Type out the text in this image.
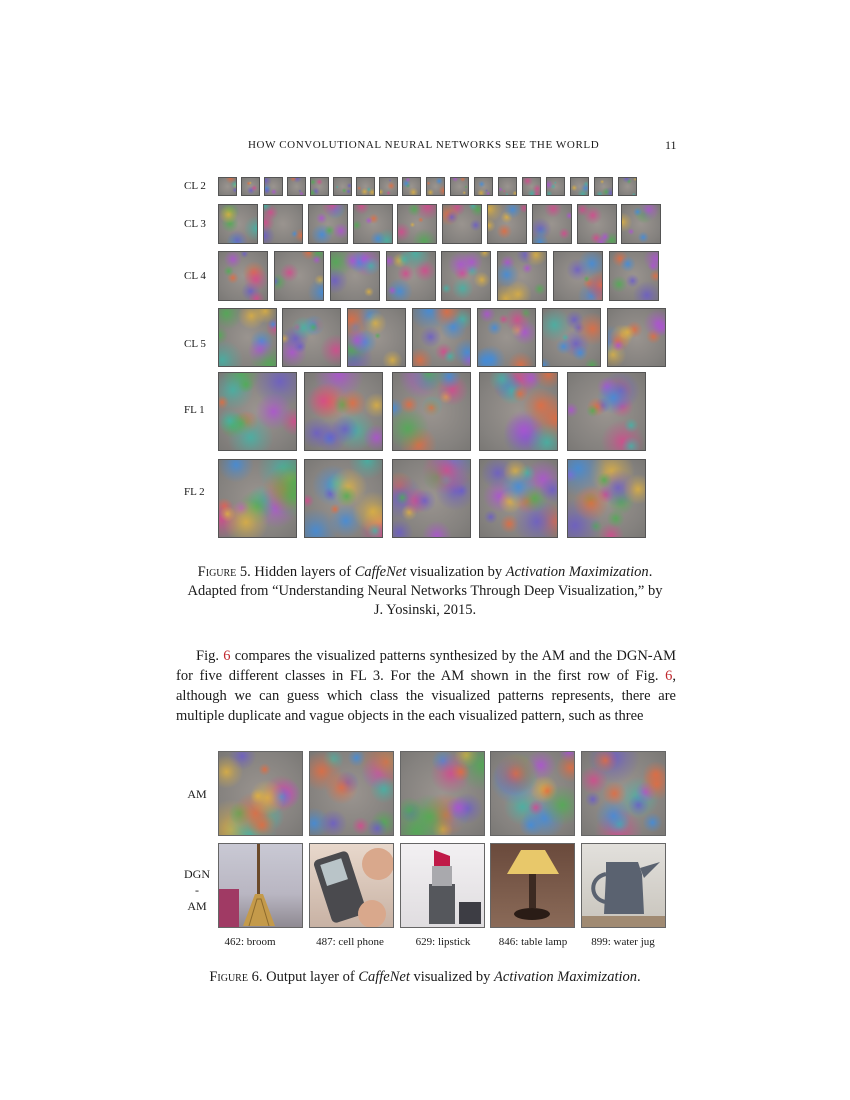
HOW CONVOLUTIONAL NEURAL NETWORKS SEE THE WORLD	11
CL 2
CL 3
CL 4
CL 5
FL 1
FL 2
Figure 5. Hidden layers of CaffeNet visualization by Activation Maximization.
Adapted from “Understanding Neural Networks Through Deep Visualization,” by
J. Yosinski, 2015.

Fig. 6 compares the visualized patterns synthesized by the AM and the DGN-AM for five different classes in FL 3. For the AM shown in the first row of Fig. 6, although we can guess which class the visualized patterns represents, there are multiple duplicate and vague objects in the each visualized pattern, such as three

AM
DGN
-
AM
462: broom	487: cell phone	629: lipstick	846: table lamp	899: water jug
Figure 6. Output layer of CaffeNet visualized by Activation Maximization.
